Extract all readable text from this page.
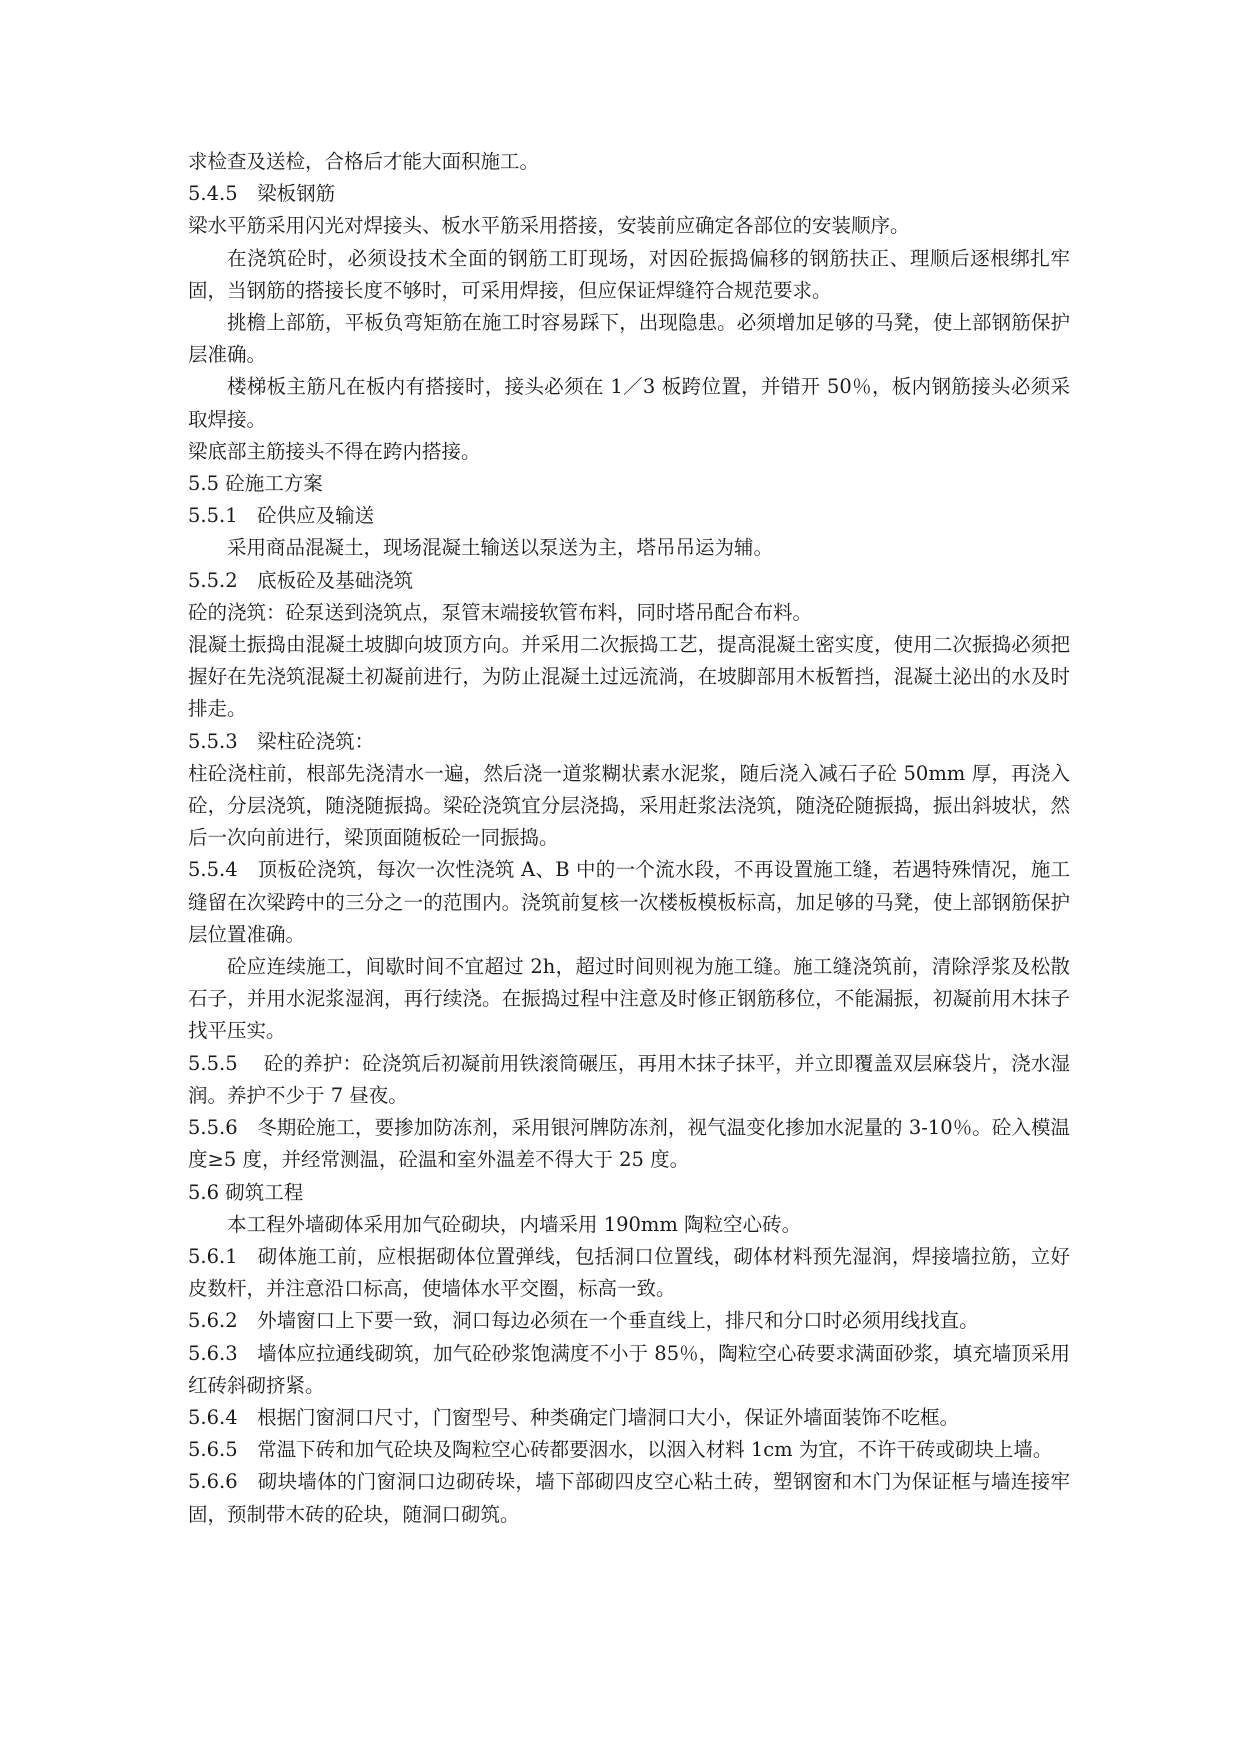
求检查及送检，合格后才能大面积施工。

5.4.5　梁板钢筋

梁水平筋采用闪光对焊接头、板水平筋采用搭接，安装前应确定各部位的安装顺序。

在浇筑砼时，必须设技术全面的钢筋工盯现场，对因砼振捣偏移的钢筋扶正、理顺后逐根绑扎牢固，当钢筋的搭接长度不够时，可采用焊接，但应保证焊缝符合规范要求。

挑檐上部筋，平板负弯矩筋在施工时容易踩下，出现隐患。必须增加足够的马凳，使上部钢筋保护层准确。

楼梯板主筋凡在板内有搭接时，接头必须在 1／3 板跨位置，并错开 50％，板内钢筋接头必须采取焊接。

梁底部主筋接头不得在跨内搭接。

5.5 砼施工方案

5.5.1　砼供应及输送

采用商品混凝土，现场混凝土输送以泵送为主，塔吊吊运为辅。

5.5.2　底板砼及基础浇筑

砼的浇筑：砼泵送到浇筑点，泵管末端接软管布料，同时塔吊配合布料。

混凝土振捣由混凝土坡脚向坡顶方向。并采用二次振捣工艺，提高混凝土密实度，使用二次振捣必须把握好在先浇筑混凝土初凝前进行，为防止混凝土过远流淌，在坡脚部用木板暂挡，混凝土泌出的水及时排走。

5.5.3　梁柱砼浇筑：

柱砼浇柱前，根部先浇清水一遍，然后浇一道浆糊状素水泥浆，随后浇入减石子砼 50mm 厚，再浇入砼，分层浇筑，随浇随振捣。梁砼浇筑宜分层浇捣，采用赶浆法浇筑，随浇砼随振捣，振出斜坡状，然后一次向前进行，梁顶面随板砼一同振捣。

5.5.4　顶板砼浇筑，每次一次性浇筑 A、B 中的一个流水段，不再设置施工缝，若遇特殊情况，施工缝留在次梁跨中的三分之一的范围内。浇筑前复核一次楼板模板标高，加足够的马凳，使上部钢筋保护层位置准确。

砼应连续施工，间歇时间不宜超过 2h，超过时间则视为施工缝。施工缝浇筑前，清除浮浆及松散石子，并用水泥浆湿润，再行续浇。在振捣过程中注意及时修正钢筋移位，不能漏振，初凝前用木抹子找平压实。

5.5.5　 砼的养护：砼浇筑后初凝前用铁滚筒碾压，再用木抹子抹平，并立即覆盖双层麻袋片，浇水湿润。养护不少于 7 昼夜。

5.5.6　冬期砼施工，要掺加防冻剂，采用银河牌防冻剂，视气温变化掺加水泥量的 3-10％。砼入模温度≥5 度，并经常测温，砼温和室外温差不得大于 25 度。

5.6 砌筑工程

本工程外墙砌体采用加气砼砌块，内墙采用 190mm 陶粒空心砖。

5.6.1　砌体施工前，应根据砌体位置弹线，包括洞口位置线，砌体材料预先湿润，焊接墙拉筋，立好皮数杆，并注意沿口标高，使墙体水平交圈，标高一致。

5.6.2　外墙窗口上下要一致，洞口每边必须在一个垂直线上，排尺和分口时必须用线找直。

5.6.3　墙体应拉通线砌筑，加气砼砂浆饱满度不小于 85％，陶粒空心砖要求满面砂浆，填充墙顶采用红砖斜砌挤紧。

5.6.4　根据门窗洞口尺寸，门窗型号、种类确定门墙洞口大小，保证外墙面装饰不吃框。

5.6.5　常温下砖和加气砼块及陶粒空心砖都要洇水，以洇入材料 1cm 为宜，不许干砖或砌块上墙。

5.6.6　砌块墙体的门窗洞口边砌砖垛，墙下部砌四皮空心粘土砖，塑钢窗和木门为保证框与墙连接牢固，预制带木砖的砼块，随洞口砌筑。
